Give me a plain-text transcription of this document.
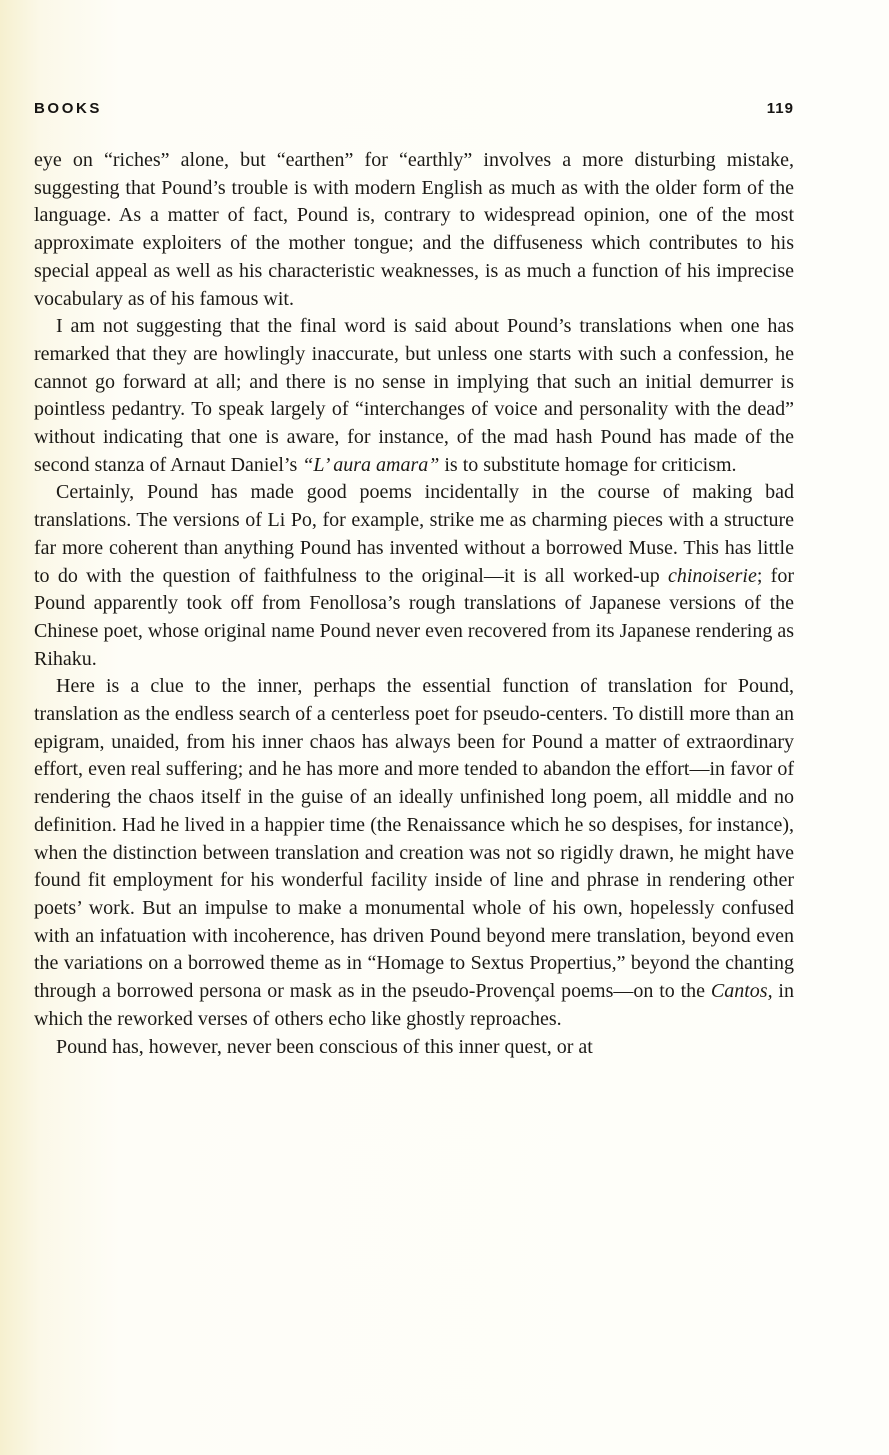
BOOKS	119

eye on “riches” alone, but “earthen” for “earthly” involves a more disturbing mistake, suggesting that Pound’s trouble is with modern English as much as with the older form of the language. As a matter of fact, Pound is, contrary to widespread opinion, one of the most approximate exploiters of the mother tongue; and the diffuseness which contributes to his special appeal as well as his characteristic weaknesses, is as much a function of his imprecise vocabulary as of his famous wit.

I am not suggesting that the final word is said about Pound’s translations when one has remarked that they are howlingly inaccurate, but unless one starts with such a confession, he cannot go forward at all; and there is no sense in implying that such an initial demurrer is pointless pedantry. To speak largely of “interchanges of voice and personality with the dead” without indicating that one is aware, for instance, of the mad hash Pound has made of the second stanza of Arnaut Daniel’s “L’ aura amara” is to substitute homage for criticism.

Certainly, Pound has made good poems incidentally in the course of making bad translations. The versions of Li Po, for example, strike me as charming pieces with a structure far more coherent than anything Pound has invented without a borrowed Muse. This has little to do with the question of faithfulness to the original—it is all worked-up chinoiserie; for Pound apparently took off from Fenollosa’s rough translations of Japanese versions of the Chinese poet, whose original name Pound never even recovered from its Japanese rendering as Rihaku.

Here is a clue to the inner, perhaps the essential function of translation for Pound, translation as the endless search of a centerless poet for pseudo-centers. To distill more than an epigram, unaided, from his inner chaos has always been for Pound a matter of extraordinary effort, even real suffering; and he has more and more tended to abandon the effort—in favor of rendering the chaos itself in the guise of an ideally unfinished long poem, all middle and no definition. Had he lived in a happier time (the Renaissance which he so despises, for instance), when the distinction between translation and creation was not so rigidly drawn, he might have found fit employment for his wonderful facility inside of line and phrase in rendering other poets’ work. But an impulse to make a monumental whole of his own, hopelessly confused with an infatuation with incoherence, has driven Pound beyond mere translation, beyond even the variations on a borrowed theme as in “Homage to Sextus Propertius,” beyond the chanting through a borrowed persona or mask as in the pseudo-Provençal poems—on to the Cantos, in which the reworked verses of others echo like ghostly reproaches.

Pound has, however, never been conscious of this inner quest, or at
